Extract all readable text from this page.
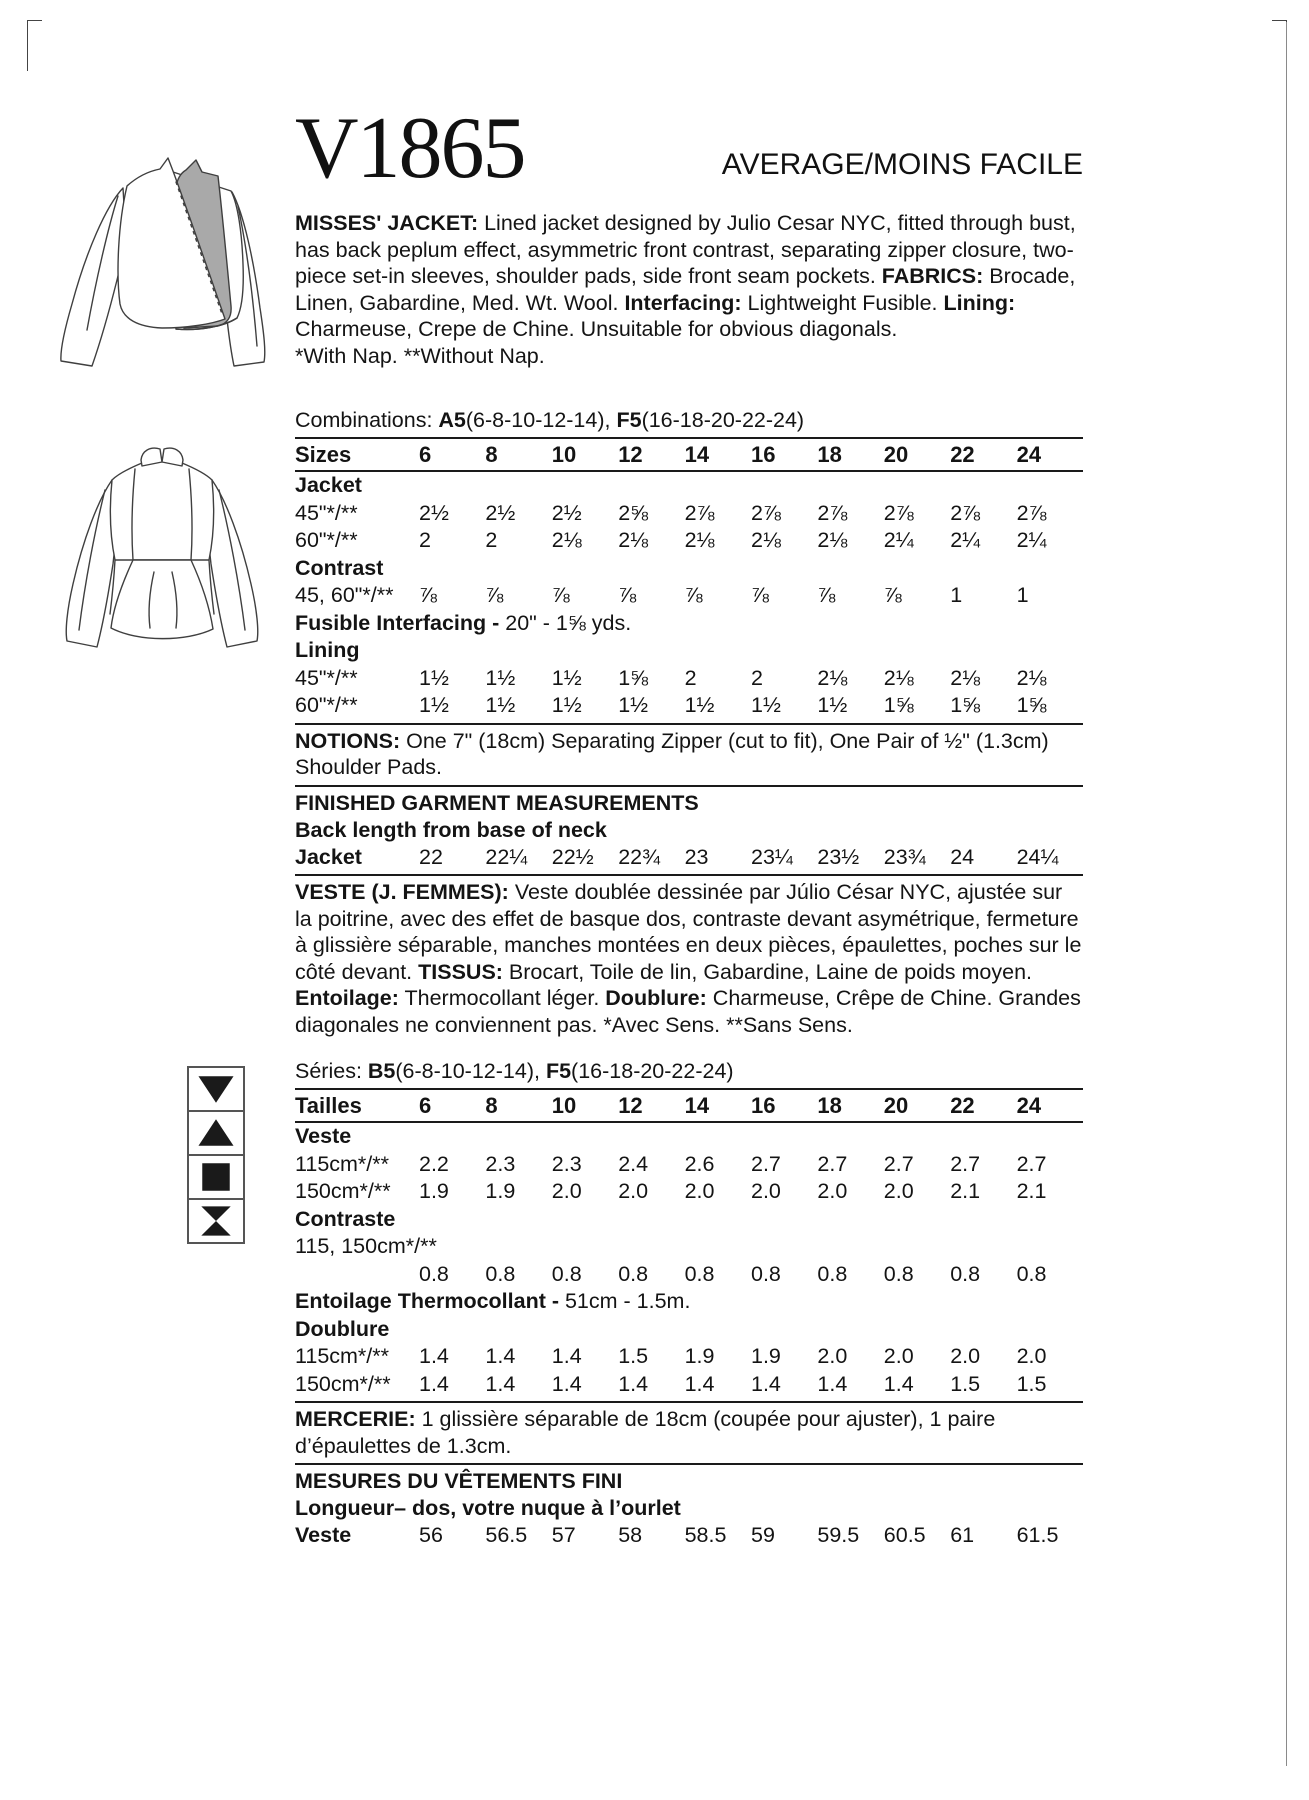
V1865	AVERAGE/MOINS FACILE

MISSES' JACKET: Lined jacket designed by Julio Cesar NYC, fitted through bust, has back peplum effect, asymmetric front contrast, separating zipper closure, two-piece set-in sleeves, shoulder pads, side front seam pockets. FABRICS: Brocade, Linen, Gabardine, Med. Wt. Wool. Interfacing: Lightweight Fusible. Lining: Charmeuse, Crepe de Chine. Unsuitable for obvious diagonals.
*With Nap. **Without Nap.

Combinations: A5(6-8-10-12-14), F5(16-18-20-22-24)

Sizes	6	8	10	12	14	16	18	20	22	24
Jacket
45"*/**	2½	2½	2½	2⅝	2⅞	2⅞	2⅞	2⅞	2⅞	2⅞
60"*/**	2	2	2⅛	2⅛	2⅛	2⅛	2⅛	2¼	2¼	2¼
Contrast
45, 60"*/**	⅞	⅞	⅞	⅞	⅞	⅞	⅞	⅞	1	1
Fusible Interfacing - 20" - 1⅝ yds.
Lining
45"*/**	1½	1½	1½	1⅝	2	2	2⅛	2⅛	2⅛	2⅛
60"*/**	1½	1½	1½	1½	1½	1½	1½	1⅝	1⅝	1⅝

NOTIONS: One 7" (18cm) Separating Zipper (cut to fit), One Pair of ½" (1.3cm) Shoulder Pads.

FINISHED GARMENT MEASUREMENTS

Back length from base of neck

Jacket	22	22¼	22½	22¾	23	23¼	23½	23¾	24	24¼

VESTE (J. FEMMES): Veste doublée dessinée par Júlio César NYC, ajustée sur la poitrine, avec des effet de basque dos, contraste devant asymétrique, fermeture à glissière séparable, manches montées en deux pièces, épaulettes, poches sur le côté devant. TISSUS: Brocart, Toile de lin, Gabardine, Laine de poids moyen. Entoilage: Thermocollant léger. Doublure: Charmeuse, Crêpe de Chine. Grandes diagonales ne conviennent pas. *Avec Sens. **Sans Sens.

Séries: B5(6-8-10-12-14), F5(16-18-20-22-24)

Tailles	6	8	10	12	14	16	18	20	22	24
Veste
115cm*/**	2.2	2.3	2.3	2.4	2.6	2.7	2.7	2.7	2.7	2.7
150cm*/**	1.9	1.9	2.0	2.0	2.0	2.0	2.0	2.0	2.1	2.1
Contraste
115, 150cm*/**
0.8	0.8	0.8	0.8	0.8	0.8	0.8	0.8	0.8	0.8
Entoilage Thermocollant - 51cm - 1.5m.
Doublure
115cm*/**	1.4	1.4	1.4	1.5	1.9	1.9	2.0	2.0	2.0	2.0
150cm*/**	1.4	1.4	1.4	1.4	1.4	1.4	1.4	1.4	1.5	1.5

MERCERIE: 1 glissière séparable de 18cm (coupée pour ajuster), 1 paire d’épaulettes de 1.3cm.

MESURES DU VÊTEMENTS FINI

Longueur– dos, votre nuque à l’ourlet

Veste	56	56.5	57	58	58.5	59	59.5	60.5	61	61.5
